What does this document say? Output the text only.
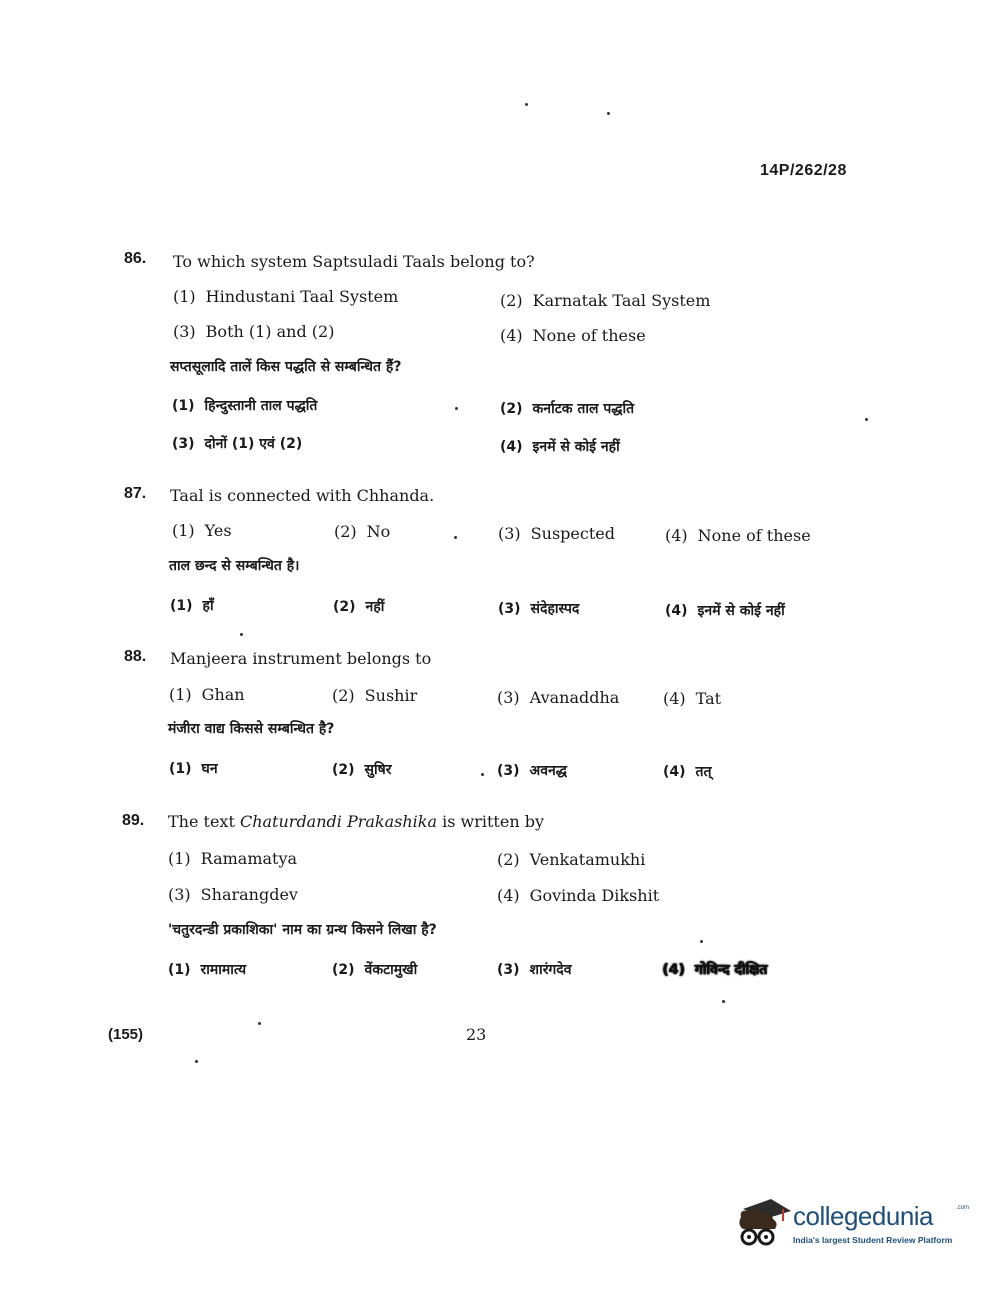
14P/262/28
86. To which system Saptsuladi Taals belong to?
(1) Hindustani Taal System	(2) Karnatak Taal System
(3) Both (1) and (2)	(4) None of these
सप्तसूलादि तालें किस पद्धति से सम्बन्धित हैं?
(1) हिन्दुस्तानी ताल पद्धति	(2) कर्नाटक ताल पद्धति
(3) दोनों (1) एवं (2)	(4) इनमें से कोई नहीं
87. Taal is connected with Chhanda.
(1) Yes	(2) No	(3) Suspected	(4) None of these
ताल छन्द से सम्बन्धित है।
(1) हाँ	(2) नहीं	(3) संदेहास्पद	(4) इनमें से कोई नहीं
88. Manjeera instrument belongs to
(1) Ghan	(2) Sushir	(3) Avanaddha	(4) Tat
मंजीरा वाद्य किससे सम्बन्धित है?
(1) घन	(2) सुषिर	(3) अवनद्ध	(4) तत्
89. The text Chaturdandi Prakashika is written by
(1) Ramamatya	(2) Venkatamukhi
(3) Sharangdev	(4) Govinda Dikshit
'चतुरदन्डी प्रकाशिका' नाम का ग्रन्थ किसने लिखा है?
(1) रामामात्य	(2) वेंकटामुखी	(3) शारंगदेव	(4) गोविन्द दीक्षित
(155)	23
collegedunia	.com
India's largest Student Review Platform
